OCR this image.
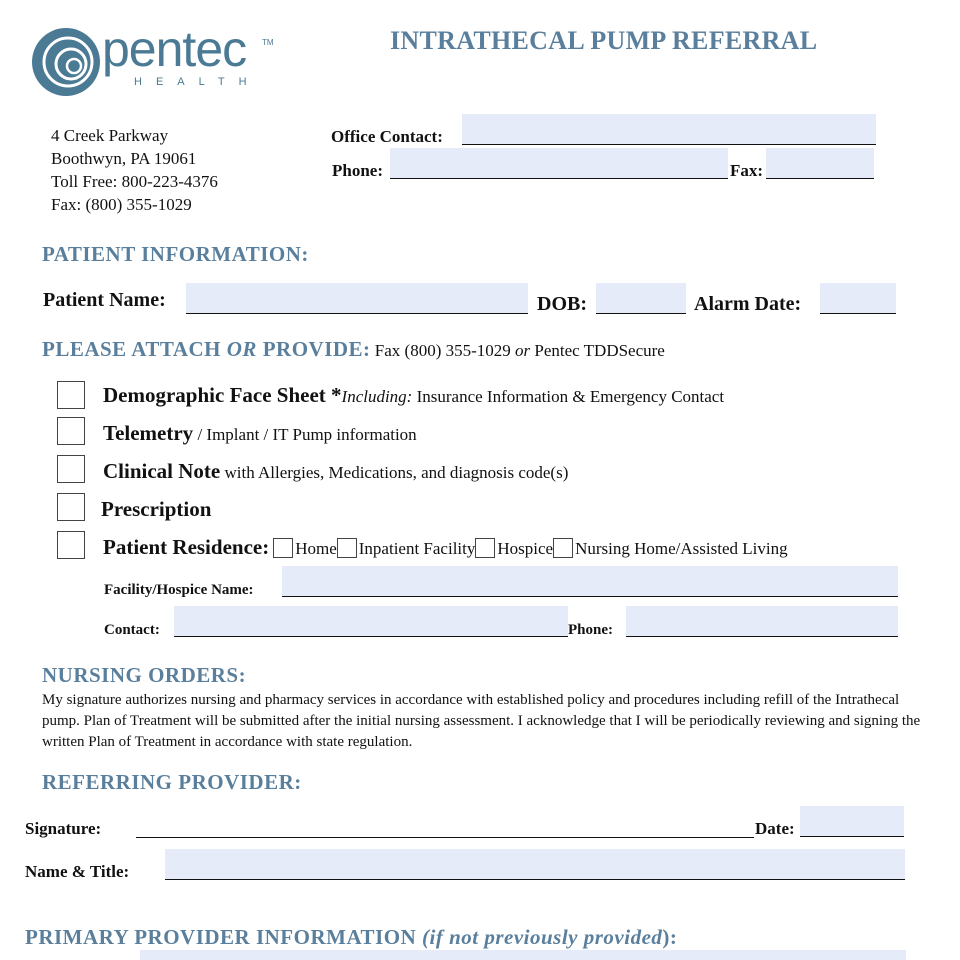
pentec TM
HEALTH
INTRATHECAL PUMP REFERRAL
4 Creek Parkway
Boothwyn, PA 19061
Toll Free: 800-223-4376
Fax: (800) 355-1029
Office Contact:
Phone:	Fax:
PATIENT INFORMATION:
Patient Name:	DOB:	Alarm Date:
PLEASE ATTACH OR PROVIDE: Fax (800) 355-1029 or Pentec TDDSecure
Demographic Face Sheet *Including: Insurance Information & Emergency Contact
Telemetry / Implant / IT Pump information
Clinical Note with Allergies, Medications, and diagnosis code(s)
Prescription
Patient Residence: Home Inpatient Facility Hospice Nursing Home/Assisted Living
Facility/Hospice Name:
Contact:	Phone:
NURSING ORDERS:
My signature authorizes nursing and pharmacy services in accordance with established policy and procedures including refill of the Intrathecal pump. Plan of Treatment will be submitted after the initial nursing assessment. I acknowledge that I will be periodically reviewing and signing the written Plan of Treatment in accordance with state regulation.
REFERRING PROVIDER:
Signature:	Date:
Name & Title:
PRIMARY PROVIDER INFORMATION (if not previously provided):
